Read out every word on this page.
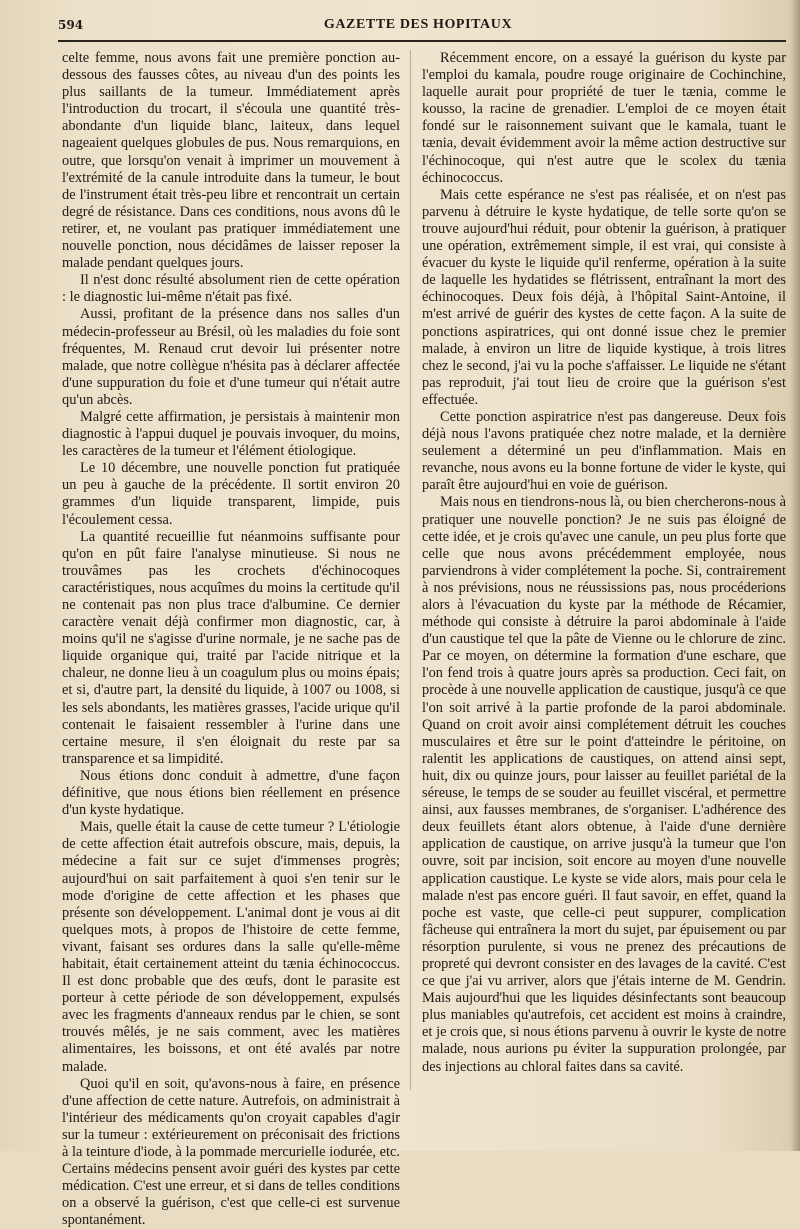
594	GAZETTE DES HOPITAUX

celte femme, nous avons fait une première ponction au-dessous des fausses côtes, au niveau d'un des points les plus saillants de la tumeur. Immédiatement après l'introduction du trocart, il s'écoula une quantité très-abondante d'un liquide blanc, laiteux, dans lequel nageaient quelques globules de pus. Nous remarquions, en outre, que lorsqu'on venait à imprimer un mouvement à l'extrémité de la canule introduite dans la tumeur, le bout de l'instrument était très-peu libre et rencontrait un certain degré de résistance. Dans ces conditions, nous avons dû le retirer, et, ne voulant pas pratiquer immédiatement une nouvelle ponction, nous décidâmes de laisser reposer la malade pendant quelques jours.

Il n'est donc résulté absolument rien de cette opération : le diagnostic lui-même n'était pas fixé.

Aussi, profitant de la présence dans nos salles d'un médecin-professeur au Brésil, où les maladies du foie sont fréquentes, M. Renaud crut devoir lui présenter notre malade, que notre collègue n'hésita pas à déclarer affectée d'une suppuration du foie et d'une tumeur qui n'était autre qu'un abcès.

Malgré cette affirmation, je persistais à maintenir mon diagnostic à l'appui duquel je pouvais invoquer, du moins, les caractères de la tumeur et l'élément étiologique.

Le 10 décembre, une nouvelle ponction fut pratiquée un peu à gauche de la précédente. Il sortit environ 20 grammes d'un liquide transparent, limpide, puis l'écoulement cessa.

La quantité recueillie fut néanmoins suffisante pour qu'on en pût faire l'analyse minutieuse. Si nous ne trouvâmes pas les crochets d'échinocoques caractéristiques, nous acquîmes du moins la certitude qu'il ne contenait pas non plus trace d'albumine. Ce dernier caractère venait déjà confirmer mon diagnostic, car, à moins qu'il ne s'agisse d'urine normale, je ne sache pas de liquide organique qui, traité par l'acide nitrique et la chaleur, ne donne lieu à un coagulum plus ou moins épais; et si, d'autre part, la densité du liquide, à 1007 ou 1008, si les sels abondants, les matières grasses, l'acide urique qu'il contenait le faisaient ressembler à l'urine dans une certaine mesure, il s'en éloignait du reste par sa transparence et sa limpidité.

Nous étions donc conduit à admettre, d'une façon définitive, que nous étions bien réellement en présence d'un kyste hydatique.

Mais, quelle était la cause de cette tumeur ? L'étiologie de cette affection était autrefois obscure, mais, depuis, la médecine a fait sur ce sujet d'immenses progrès; aujourd'hui on sait parfaitement à quoi s'en tenir sur le mode d'origine de cette affection et les phases que présente son développement. L'animal dont je vous ai dit quelques mots, à propos de l'histoire de cette femme, vivant, faisant ses ordures dans la salle qu'elle-même habitait, était certainement atteint du tænia échinococcus. Il est donc probable que des œufs, dont le parasite est porteur à cette période de son développement, expulsés avec les fragments d'anneaux rendus par le chien, se sont trouvés mêlés, je ne sais comment, avec les matières alimentaires, les boissons, et ont été avalés par notre malade.

Quoi qu'il en soit, qu'avons-nous à faire, en présence d'une affection de cette nature. Autrefois, on administrait à l'intérieur des médicaments qu'on croyait capables d'agir sur la tumeur : extérieurement on préconisait des frictions à la teinture d'iode, à la pommade mercurielle iodurée, etc. Certains médecins pensent avoir guéri des kystes par cette médication. C'est une erreur, et si dans de telles conditions on a observé la guérison, c'est que celle-ci est survenue spontanément.

Récemment encore, on a essayé la guérison du kyste par l'emploi du kamala, poudre rouge originaire de Cochinchine, laquelle aurait pour propriété de tuer le tænia, comme le kousso, la racine de grenadier. L'emploi de ce moyen était fondé sur le raisonnement suivant que le kamala, tuant le tænia, devait évidemment avoir la même action destructive sur l'échinocoque, qui n'est autre que le scolex du tænia échinococcus.

Mais cette espérance ne s'est pas réalisée, et on n'est pas parvenu à détruire le kyste hydatique, de telle sorte qu'on se trouve aujourd'hui réduit, pour obtenir la guérison, à pratiquer une opération, extrêmement simple, il est vrai, qui consiste à évacuer du kyste le liquide qu'il renferme, opération à la suite de laquelle les hydatides se flétrissent, entraînant la mort des échinocoques. Deux fois déjà, à l'hôpital Saint-Antoine, il m'est arrivé de guérir des kystes de cette façon. A la suite de ponctions aspiratrices, qui ont donné issue chez le premier malade, à environ un litre de liquide kystique, à trois litres chez le second, j'ai vu la poche s'affaisser. Le liquide ne s'étant pas reproduit, j'ai tout lieu de croire que la guérison s'est effectuée.

Cette ponction aspiratrice n'est pas dangereuse. Deux fois déjà nous l'avons pratiquée chez notre malade, et la dernière seulement a déterminé un peu d'inflammation. Mais en revanche, nous avons eu la bonne fortune de vider le kyste, qui paraît être aujourd'hui en voie de guérison.

Mais nous en tiendrons-nous là, ou bien chercherons-nous à pratiquer une nouvelle ponction? Je ne suis pas éloigné de cette idée, et je crois qu'avec une canule, un peu plus forte que celle que nous avons précédemment employée, nous parviendrons à vider complétement la poche. Si, contrairement à nos prévisions, nous ne réussissions pas, nous procéderions alors à l'évacuation du kyste par la méthode de Récamier, méthode qui consiste à détruire la paroi abdominale à l'aide d'un caustique tel que la pâte de Vienne ou le chlorure de zinc. Par ce moyen, on détermine la formation d'une eschare, que l'on fend trois à quatre jours après sa production. Ceci fait, on procède à une nouvelle application de caustique, jusqu'à ce que l'on soit arrivé à la partie profonde de la paroi abdominale. Quand on croit avoir ainsi complétement détruit les couches musculaires et être sur le point d'atteindre le péritoine, on ralentit les applications de caustiques, on attend ainsi sept, huit, dix ou quinze jours, pour laisser au feuillet pariétal de la séreuse, le temps de se souder au feuillet viscéral, et permettre ainsi, aux fausses membranes, de s'organiser. L'adhérence des deux feuillets étant alors obtenue, à l'aide d'une dernière application de caustique, on arrive jusqu'à la tumeur que l'on ouvre, soit par incision, soit encore au moyen d'une nouvelle application caustique. Le kyste se vide alors, mais pour cela le malade n'est pas encore guéri. Il faut savoir, en effet, quand la poche est vaste, que celle-ci peut suppurer, complication fâcheuse qui entraînera la mort du sujet, par épuisement ou par résorption purulente, si vous ne prenez des précautions de propreté qui devront consister en des lavages de la cavité. C'est ce que j'ai vu arriver, alors que j'étais interne de M. Gendrin. Mais aujourd'hui que les liquides désinfectants sont beaucoup plus maniables qu'autrefois, cet accident est moins à craindre, et je crois que, si nous étions parvenu à ouvrir le kyste de notre malade, nous aurions pu éviter la suppuration prolongée, par des injections au chloral faites dans sa cavité.
